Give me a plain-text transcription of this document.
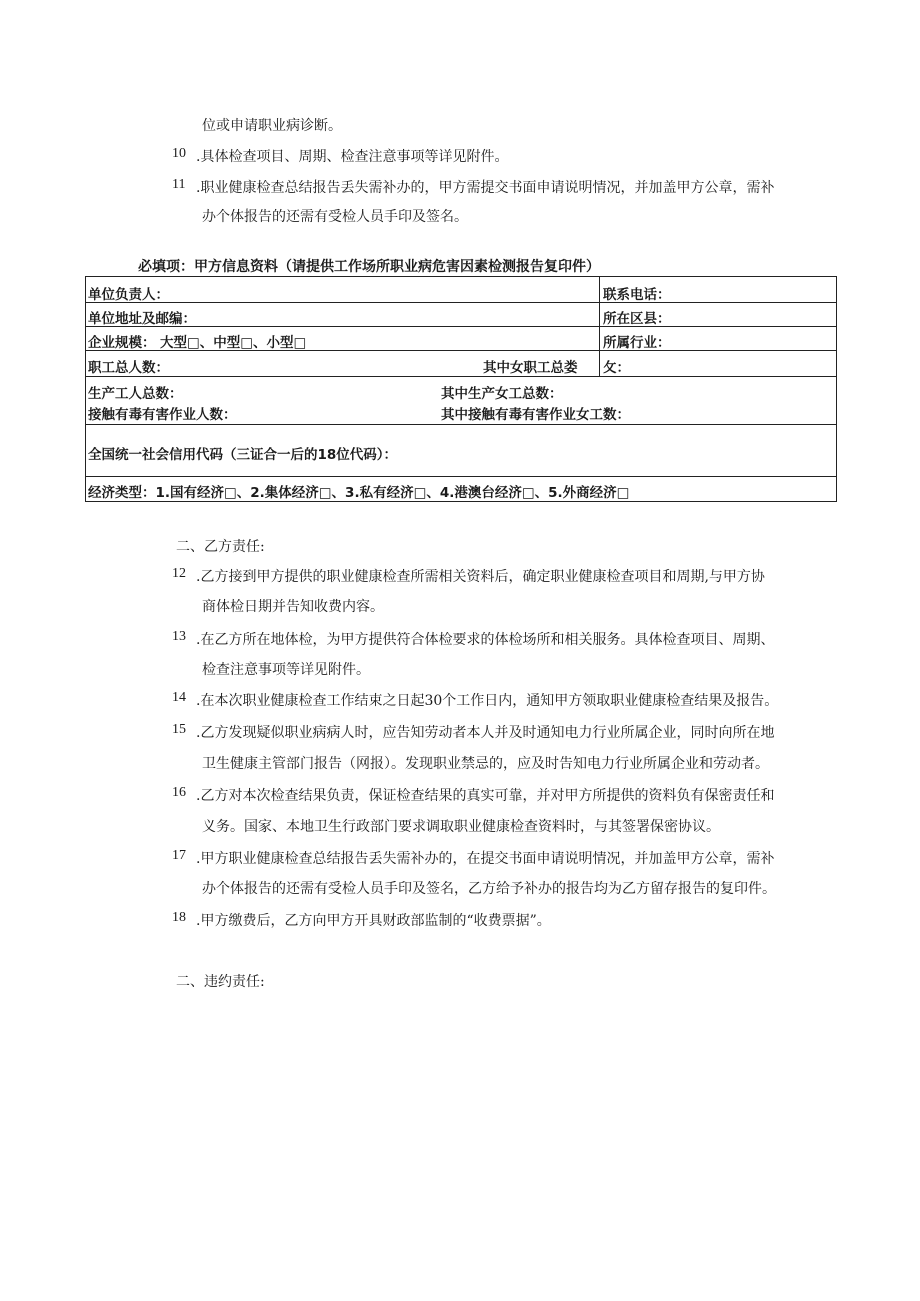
位或申请职业病诊断。
10 .具体检查项目、周期、检查注意事项等详见附件。
11 .职业健康检查总结报告丢失需补办的，甲方需提交书面申请说明情况，并加盖甲方公章，需补
办个体报告的还需有受检人员手印及签名。
必填项：甲方信息资料（请提供工作场所职业病危害因素检测报告复印件）
单位负责人：	联系电话：
单位地址及邮编：	所在区县：
企业规模： 大型□、中型□、小型□	所属行业：
职工总人数：	其中女职工总娄 攵：
生产工人总数：	其中生产女工总数：
接触有毒有害作业人数：	其中接触有毒有害作业女工数：
全国统一社会信用代码（三证合一后的18位代码）：
经济类型：1.国有经济□、2.集体经济□、3.私有经济□、4.港澳台经济□、5.外商经济□
二、乙方责任:
12 .乙方接到甲方提供的职业健康检查所需相关资料后，确定职业健康检查项目和周期,与甲方协
商体检日期并告知收费内容。
13 .在乙方所在地体检，为甲方提供符合体检要求的体检场所和相关服务。具体检查项目、周期、
检查注意事项等详见附件。
14 .在本次职业健康检查工作结束之日起30个工作日内，通知甲方领取职业健康检查结果及报告。
15 .乙方发现疑似职业病病人时，应告知劳动者本人并及时通知电力行业所属企业，同时向所在地
卫生健康主管部门报告（网报）。发现职业禁忌的，应及时告知电力行业所属企业和劳动者。
16 .乙方对本次检查结果负责，保证检查结果的真实可靠，并对甲方所提供的资料负有保密责任和
义务。国家、本地卫生行政部门要求调取职业健康检查资料时，与其签署保密协议。
17 .甲方职业健康检查总结报告丢失需补办的，在提交书面申请说明情况，并加盖甲方公章，需补
办个体报告的还需有受检人员手印及签名，乙方给予补办的报告均为乙方留存报告的复印件。
18 .甲方缴费后，乙方向甲方开具财政部监制的“收费票据”。
二、违约责任:
